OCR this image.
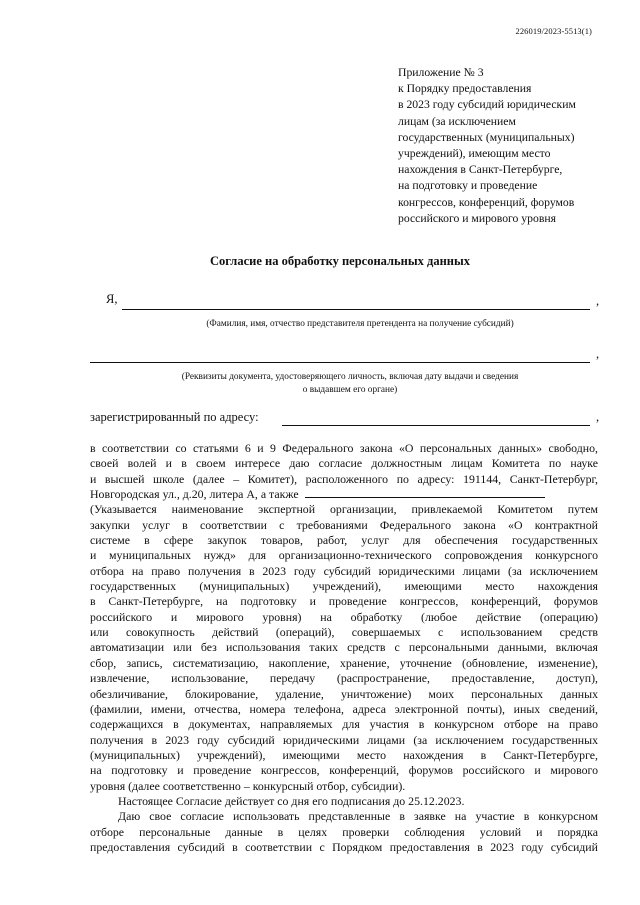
226019/2023-5513(1)
Приложение № 3
к Порядку предоставления
в 2023 году субсидий юридическим
лицам (за исключением
государственных (муниципальных)
учреждений), имеющим место
нахождения в Санкт-Петербурге,
на подготовку и проведение
конгрессов, конференций, форумов
российского и мирового уровня
Согласие на обработку персональных данных
Я,	,
(Фамилия, имя, отчество представителя претендента на получение субсидий)
,
(Реквизиты документа, удостоверяющего личность, включая дату выдачи и сведения
о выдавшем его органе)
зарегистрированный по адресу:	,
в соответствии со статьями 6 и 9 Федерального закона «О персональных данных» свободно,
своей волей и в своем интересе даю согласие должностным лицам Комитета по науке
и высшей школе (далее – Комитет), расположенного по адресу: 191144, Санкт-Петербург,
Новгородская ул., д.20, литера А, а также
(Указывается наименование экспертной организации, привлекаемой Комитетом путем
закупки услуг в соответствии с требованиями Федерального закона «О контрактной
системе в сфере закупок товаров, работ, услуг для обеспечения государственных
и муниципальных нужд» для организационно-технического сопровождения конкурсного
отбора на право получения в 2023 году субсидий юридическими лицами (за исключением
государственных (муниципальных) учреждений), имеющими место нахождения
в Санкт-Петербурге, на подготовку и проведение конгрессов, конференций, форумов
российского и мирового уровня) на обработку (любое действие (операцию)
или совокупность действий (операций), совершаемых с использованием средств
автоматизации или без использования таких средств с персональными данными, включая
сбор, запись, систематизацию, накопление, хранение, уточнение (обновление, изменение),
извлечение, использование, передачу (распространение, предоставление, доступ),
обезличивание, блокирование, удаление, уничтожение) моих персональных данных
(фамилии, имени, отчества, номера телефона, адреса электронной почты), иных сведений,
содержащихся в документах, направляемых для участия в конкурсном отборе на право
получения в 2023 году субсидий юридическими лицами (за исключением государственных
(муниципальных) учреждений), имеющими место нахождения в Санкт-Петербурге,
на подготовку и проведение конгрессов, конференций, форумов российского и мирового
уровня (далее соответственно – конкурсный отбор, субсидии).
Настоящее Согласие действует со дня его подписания до 25.12.2023.
Даю свое согласие использовать представленные в заявке на участие в конкурсном
отборе персональные данные в целях проверки соблюдения условий и порядка
предоставления субсидий в соответствии с Порядком предоставления в 2023 году субсидий
